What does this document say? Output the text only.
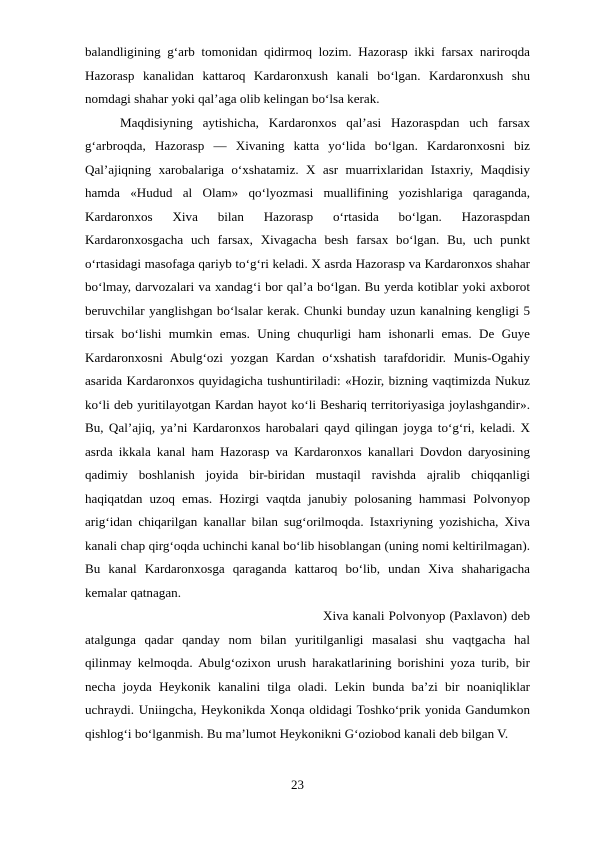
balandligining g‘arb tomonidan qidirmoq lozim. Hazorasp ikki farsax nariroqda Hazorasp kanalidan kattaroq Kardaronxush kanali bo‘lgan. Kardaronxush shu nomdagi shahar yoki qal’aga olib kelingan bo‘lsa kerak.

Maqdisiyning aytishicha, Kardaronxos qal’asi Hazoraspdan uch farsax g‘arbroqda, Hazorasp — Xivaning katta yo‘lida bo‘lgan. Kardaronxosni biz Qal’ajiqning xarobalariga o‘xshatamiz. X asr muarrixlaridan Istaxriy, Maqdisiy hamda «Hudud al Olam» qo‘lyozmasi muallifining yozishlariga qaraganda, Kardaronxos Xiva bilan Hazorasp o‘rtasida bo‘lgan. Hazoraspdan Kardaronxosgacha uch farsax, Xivagacha besh farsax bo‘lgan. Bu, uch punkt o‘rtasidagi masofaga qariyb to‘g‘ri keladi. X asrda Hazorasp va Kardaronxos shahar bo‘lmay, darvozalari va xandag‘i bor qal’a bo‘lgan. Bu yerda kotiblar yoki axborot beruvchilar yanglishgan bo‘lsalar kerak. Chunki bunday uzun kanalning kengligi 5 tirsak bo‘lishi mumkin emas. Uning chuqurligi ham ishonarli emas. De Guye Kardaronxosni Abulg‘ozi yozgan Kardan o‘xshatish tarafdoridir. Munis-Ogahiy asarida Kardaronxos quyidagicha tushuntiriladi: «Hozir, bizning vaqtimizda Nukuz ko‘li deb yuritilayotgan Kardan hayot ko‘li Beshariq territoriyasiga joylashgandir». Bu, Qal’ajiq, ya’ni Kardaronxos harobalari qayd qilingan joyga to‘g‘ri, keladi. X asrda ikkala kanal ham Hazorasp va Kardaronxos kanallari Dovdon daryosining qadimiy boshlanish joyida bir-biridan mustaqil ravishda ajralib chiqqanligi haqiqatdan uzoq emas. Hozirgi vaqtda janubiy polosaning hammasi Polvonyop arig‘idan chiqarilgan kanallar bilan sug‘orilmoqda. Istaxriyning yozishicha, Xiva kanali chap qirg‘oqda uchinchi kanal bo‘lib hisoblangan (uning nomi keltirilmagan). Bu kanal Kardaronxosga qaraganda kattaroq bo‘lib, undan Xiva shaharigacha kemalar qatnagan.

Xiva kanali Polvonyop (Paxlavon) deb atalgunga qadar qanday nom bilan yuritilganligi masalasi shu vaqtgacha hal qilinmay kelmoqda. Abulg‘ozixon urush harakatlarining borishini yoza turib, bir necha joyda Heykonik kanalini tilga oladi. Lekin bunda ba’zi bir noaniqliklar uchraydi. Uniingcha, Heykonikda Xonqa oldidagi Toshko‘prik yonida Gandumkon qishlog‘i bo‘lganmish. Bu ma’lumot Heykonikni G‘oziobod kanali deb bilgan V.

23
